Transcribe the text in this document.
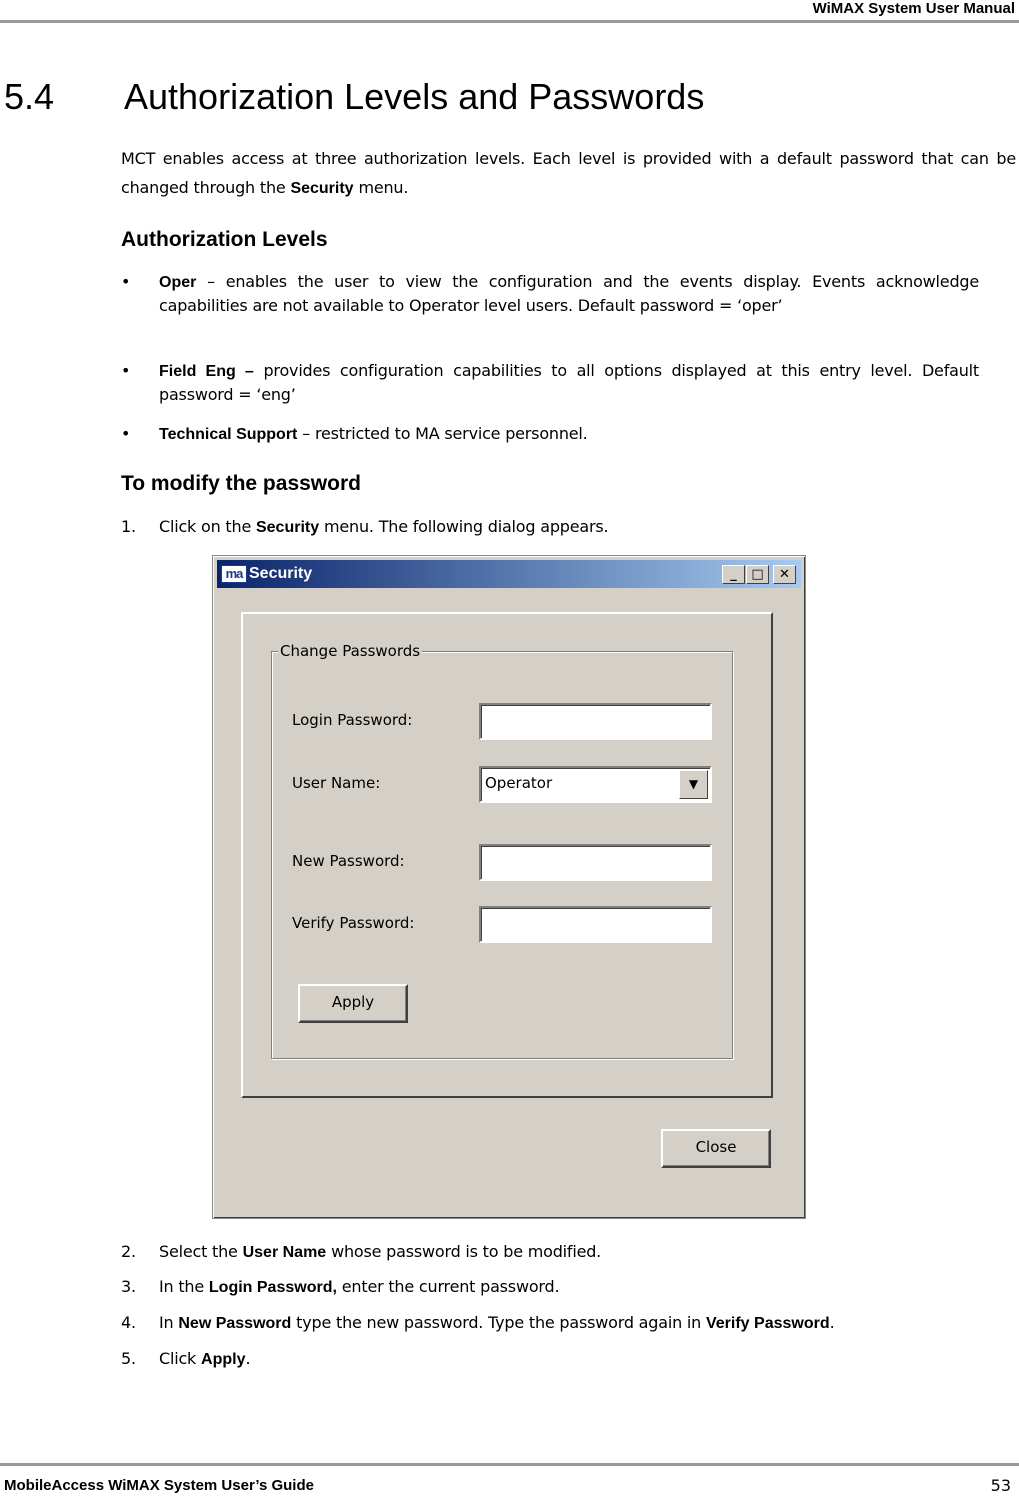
WiMAX System User Manual
5.4 Authorization Levels and Passwords
MCT enables access at three authorization levels. Each level is provided with a default password that can be changed through the Security menu.
Authorization Levels
•	Oper – enables the user to view the configuration and the events display. Events acknowledge capabilities are not available to Operator level users. Default password = ‘oper’
•	Field Eng – provides configuration capabilities to all options displayed at this entry level. Default password = ‘eng’
•	Technical Support – restricted to MA service personnel.
To modify the password
1. Click on the Security menu. The following dialog appears.
ma Security	_	□	✕
Change Passwords
Login Password:
User Name:	Operator	▼
New Password:
Verify Password:
Apply
Close
2. Select the User Name whose password is to be modified.
3. In the Login Password, enter the current password.
4. In New Password type the new password. Type the password again in Verify Password.
5. Click Apply.
MobileAccess WiMAX System User’s Guide	53
